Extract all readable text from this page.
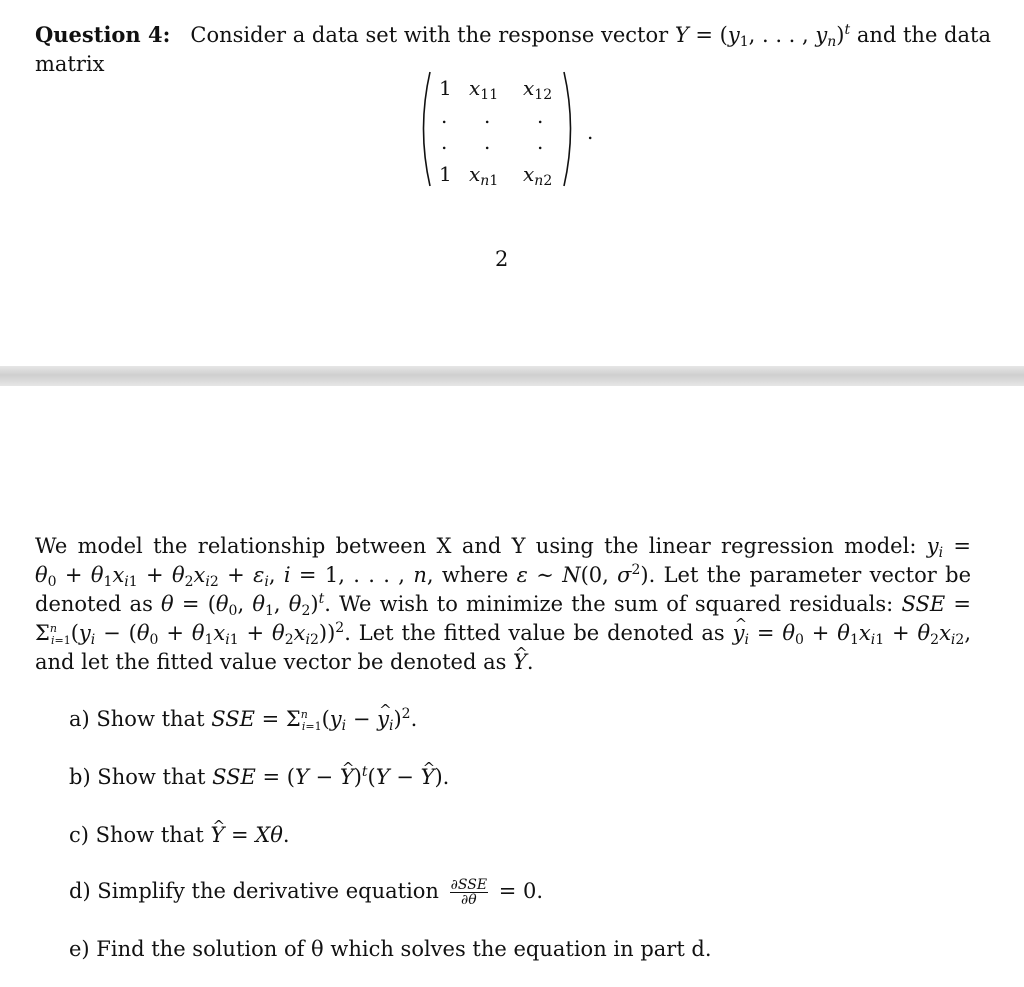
Question 4:   Consider a data set with the response vector $Y = (y_1$, . . . , $y_n)^t$ and the data
matrix
1 $x_{11}$ $x_{12}$
. . .
. . .
1 $x_{n1}$ $x_{n2}$
.
2
We model the relationship between X and Y using the linear regression model: $y_i$ =
$\theta_0 + \theta_1x_{i1} + \theta_2x_{i2} + \varepsilon_i$, i = 1, . . . , n, where ε ∼ N(0, $\sigma^2$). Let the parameter vector be
denoted as $\theta = (\theta_0$, $\theta_1$, $\theta_2)^t$. We wish to minimize the sum of squared residuals: SSE =
$\Sigma^n_{i=1}(y_i - (\theta_0 + \theta_1x_{i1} + \theta_2x_{i2}))^2$. Let the fitted value be denoted as ^ $y_i = \theta_0 + \theta_1x_{i1} + \theta_2x_{i2}$,
and let the fitted value vector be denoted as ^ Y.
a) Show that SSE = $\Sigma^n_{i=1}(y_i$ − ^ $y_i)^2$.
b) Show that SSE = (Y − ^ Y)$^t$(Y − ^ Y).
c) Show that ^ Y = Xθ.
d) Simplify the derivative equation $\frac{\text{∂SSE}}{\partial\theta} = 0$.
e) Find the solution of θ which solves the equation in part d.
